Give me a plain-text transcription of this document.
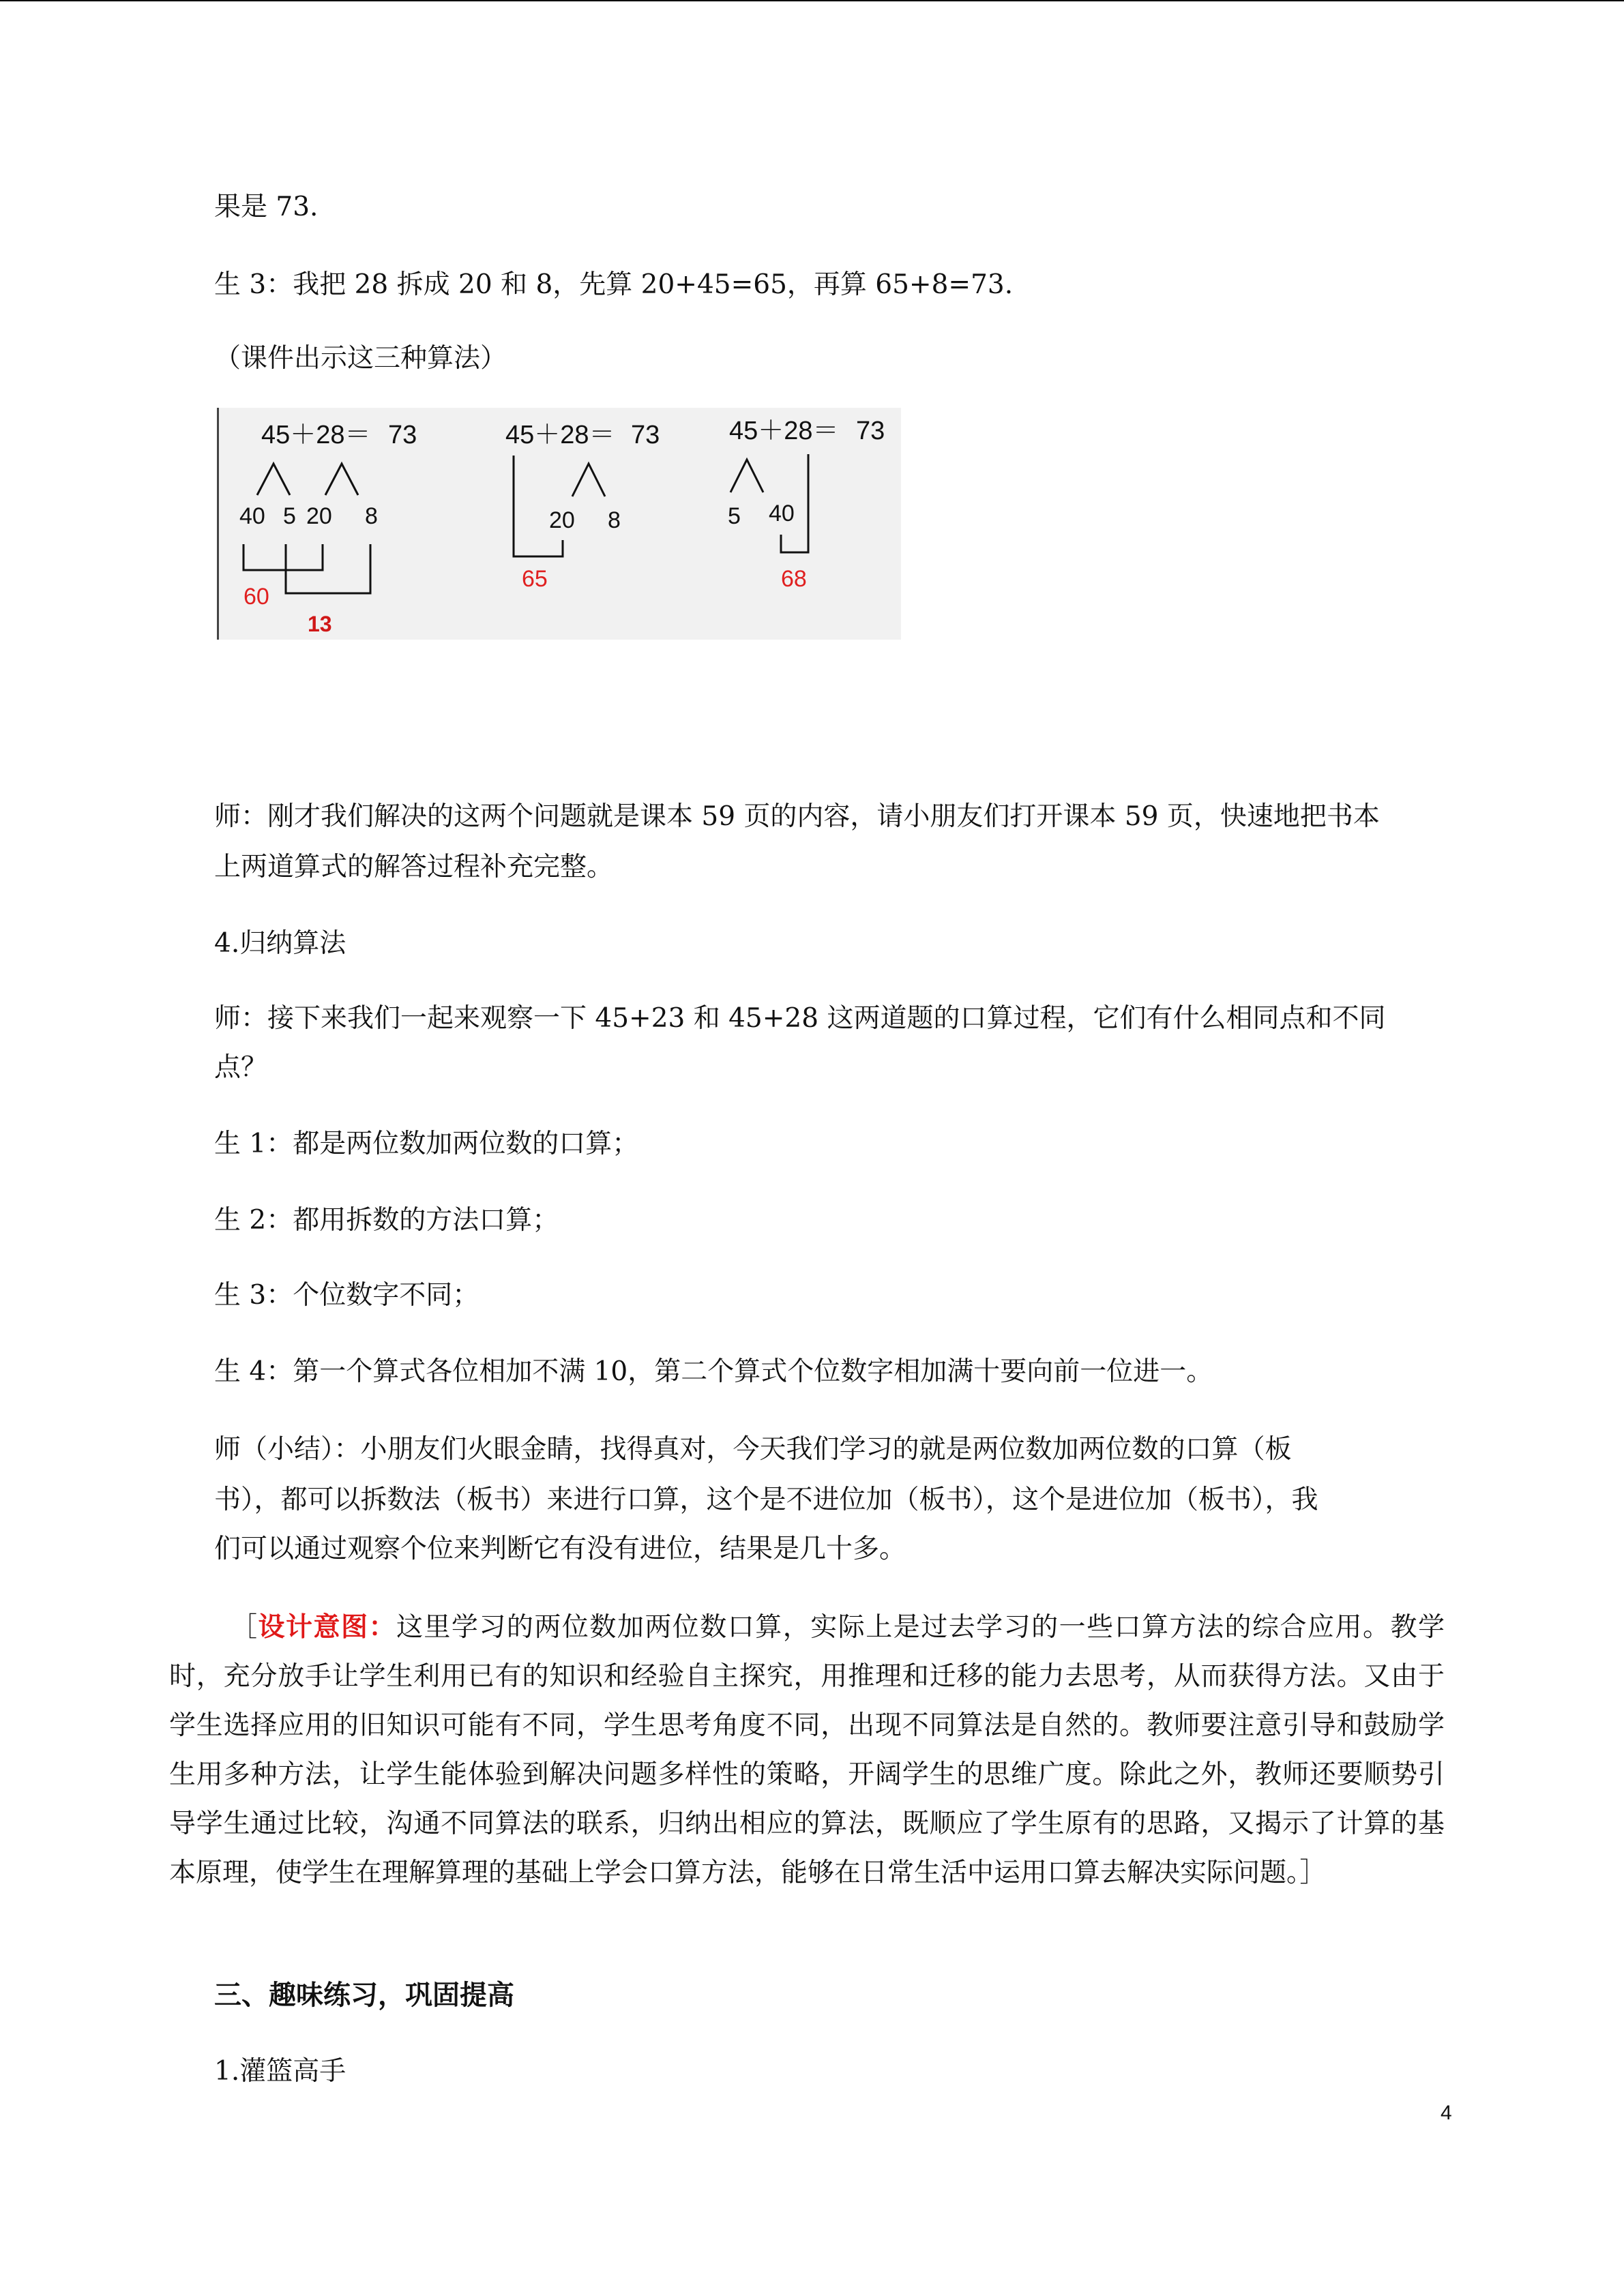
果是 73.
生 3：我把 28 拆成 20 和 8，先算 20+45=65，再算 65+8=73.
（课件出示这三种算法）
45＋28＝ 73
40 5 20 8
60
13
45＋28＝ 73
20 8
65
45＋28＝ 73
5 40
68
师：刚才我们解决的这两个问题就是课本 59 页的内容，请小朋友们打开课本 59 页，快速地把书本
上两道算式的解答过程补充完整。
4.归纳算法
师：接下来我们一起来观察一下 45+23 和 45+28 这两道题的口算过程，它们有什么相同点和不同
点？
生 1：都是两位数加两位数的口算；
生 2：都用拆数的方法口算；
生 3：个位数字不同；
生 4：第一个算式各位相加不满 10，第二个算式个位数字相加满十要向前一位进一。
师（小结）：小朋友们火眼金睛，找得真对，今天我们学习的就是两位数加两位数的口算（板
书），都可以拆数法（板书）来进行口算，这个是不进位加（板书），这个是进位加（板书），我
们可以通过观察个位来判断它有没有进位，结果是几十多。
［设计意图：这里学习的两位数加两位数口算，实际上是过去学习的一些口算方法的综合应用。教学时，充分放手让学生利用已有的知识和经验自主探究，用推理和迁移的能力去思考，从而获得方法。又由于学生选择应用的旧知识可能有不同，学生思考角度不同，出现不同算法是自然的。教师要注意引导和鼓励学生用多种方法，让学生能体验到解决问题多样性的策略，开阔学生的思维广度。除此之外，教师还要顺势引导学生通过比较，沟通不同算法的联系，归纳出相应的算法，既顺应了学生原有的思路，又揭示了计算的基本原理，使学生在理解算理的基础上学会口算方法，能够在日常生活中运用口算去解决实际问题。］
三、趣味练习，巩固提高
1.灌篮高手
4
